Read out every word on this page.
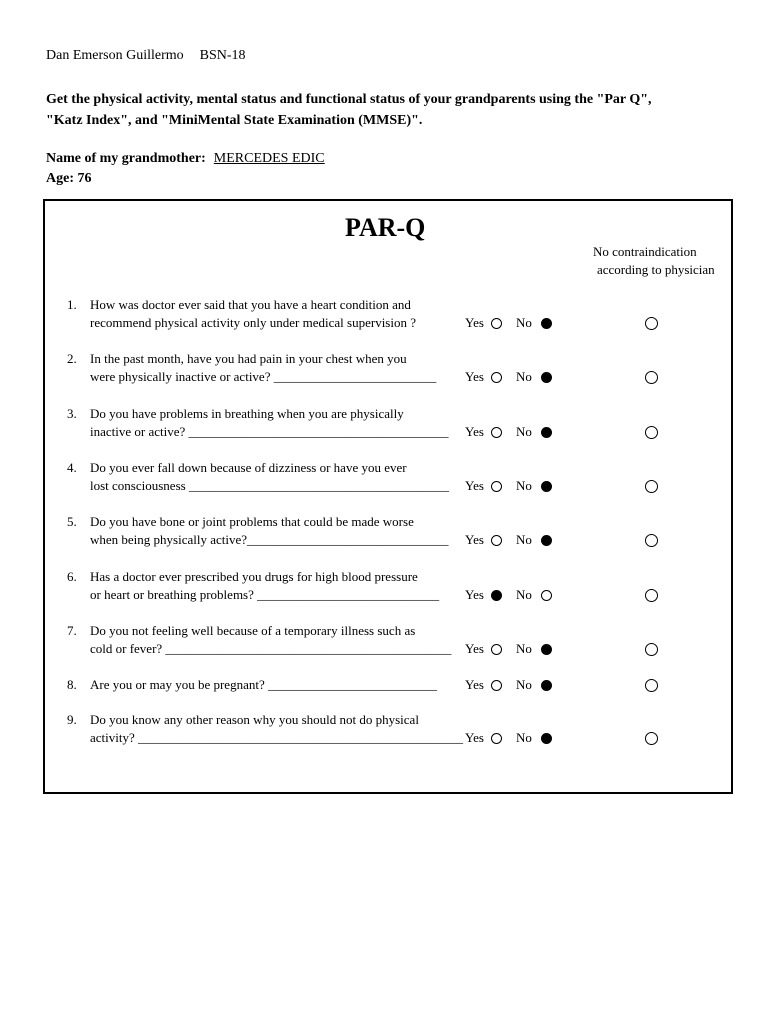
Dan Emerson Guillermo BSN-18
Get the physical activity, mental status and functional status of your grandparents using the "Par Q",
"Katz Index", and "MiniMental State Examination (MMSE)".
Name of my grandmother: MERCEDES EDIC
Age: 76
PAR-Q
No contraindication
according to physician
1. How was doctor ever said that you have a heart condition and
recommend physical activity only under medical supervision ?	Yes No
2. In the past month, have you had pain in your chest when you
were physically inactive or active? _________________________ Yes No
3. Do you have problems in breathing when you are physically
inactive or active? ________________________________________ Yes No
4. Do you ever fall down because of dizziness or have you ever
lost consciousness ________________________________________ Yes No
5. Do you have bone or joint problems that could be made worse
when being physically active?_______________________________ Yes No
6. Has a doctor ever prescribed you drugs for high blood pressure
or heart or breathing problems? ____________________________ Yes No
7. Do you not feeling well because of a temporary illness such as
cold or fever? ____________________________________________ Yes No
8. Are you or may you be pregnant? __________________________ Yes No
9. Do you know any other reason why you should not do physical
activity? __________________________________________________ Yes No
